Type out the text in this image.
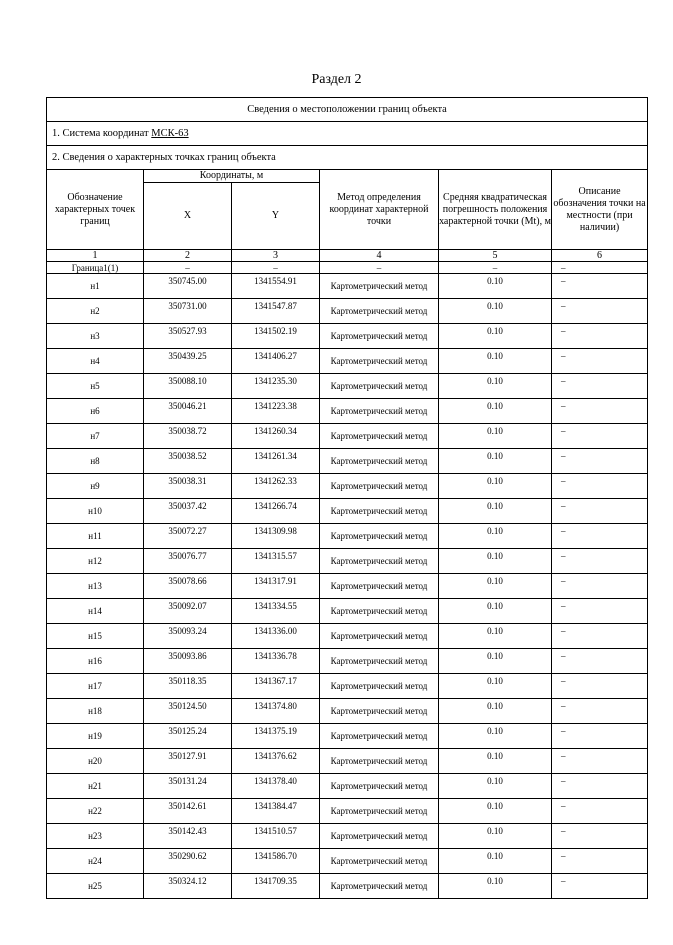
Раздел 2
Сведения о местоположении границ объекта					
1. Система координат МСК-63					
2. Сведения о характерных точках границ объекта					
Обозначение характерных точек границ	Координаты, м		Метод определения координат характерной точки	Средняя квадратическая погрешность положения характерной точки (Mt), м	Описание обозначения точки на местности (при наличии)
	X	Y			
1	2	3	4	5	6
Граница1(1)	–	–	–	–	–
н1	350745.00	1341554.91	Картометрический метод	0.10	–
н2	350731.00	1341547.87	Картометрический метод	0.10	–
н3	350527.93	1341502.19	Картометрический метод	0.10	–
н4	350439.25	1341406.27	Картометрический метод	0.10	–
н5	350088.10	1341235.30	Картометрический метод	0.10	–
н6	350046.21	1341223.38	Картометрический метод	0.10	–
н7	350038.72	1341260.34	Картометрический метод	0.10	–
н8	350038.52	1341261.34	Картометрический метод	0.10	–
н9	350038.31	1341262.33	Картометрический метод	0.10	–
н10	350037.42	1341266.74	Картометрический метод	0.10	–
н11	350072.27	1341309.98	Картометрический метод	0.10	–
н12	350076.77	1341315.57	Картометрический метод	0.10	–
н13	350078.66	1341317.91	Картометрический метод	0.10	–
н14	350092.07	1341334.55	Картометрический метод	0.10	–
н15	350093.24	1341336.00	Картометрический метод	0.10	–
н16	350093.86	1341336.78	Картометрический метод	0.10	–
н17	350118.35	1341367.17	Картометрический метод	0.10	–
н18	350124.50	1341374.80	Картометрический метод	0.10	–
н19	350125.24	1341375.19	Картометрический метод	0.10	–
н20	350127.91	1341376.62	Картометрический метод	0.10	–
н21	350131.24	1341378.40	Картометрический метод	0.10	–
н22	350142.61	1341384.47	Картометрический метод	0.10	–
н23	350142.43	1341510.57	Картометрический метод	0.10	–
н24	350290.62	1341586.70	Картометрический метод	0.10	–
н25	350324.12	1341709.35	Картометрический метод	0.10	–
